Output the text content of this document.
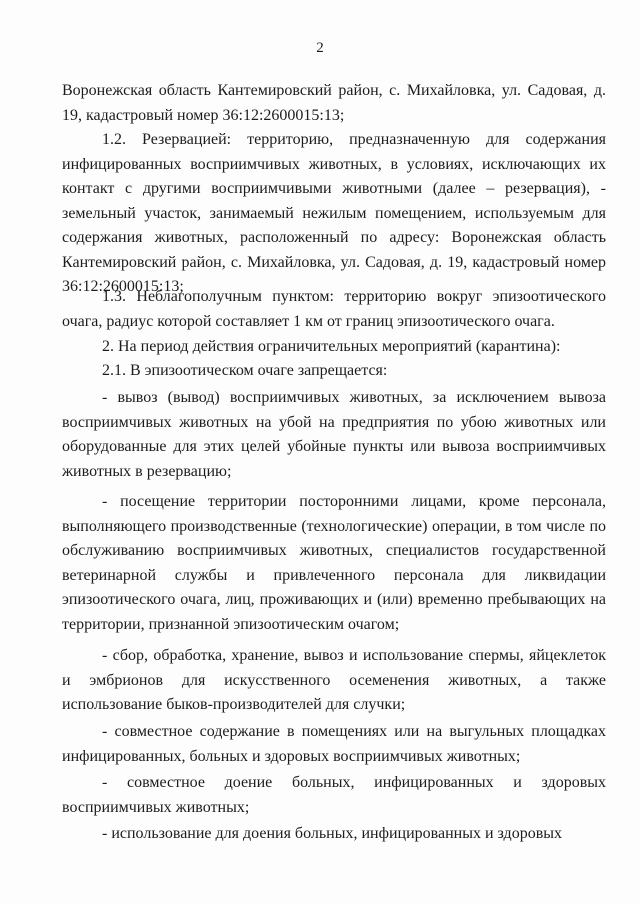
2

Воронежская область Кантемировский район, с. Михайловка, ул. Садовая, д. 19, кадастровый номер 36:12:2600015:13;

1.2. Резервацией: территорию, предназначенную для содержания инфицированных восприимчивых животных, в условиях, исключающих их контакт с другими восприимчивыми животными (далее – резервация), - земельный участок, занимаемый нежилым помещением, используемым для содержания животных, расположенный по адресу: Воронежская область Кантемировский район, с. Михайловка, ул. Садовая, д. 19, кадастровый номер 36:12:2600015:13;

1.3. Неблагополучным пунктом: территорию вокруг эпизоотического очага, радиус которой составляет 1 км от границ эпизоотического очага.

2. На период действия ограничительных мероприятий (карантина):

2.1. В эпизоотическом очаге запрещается:

- вывоз (вывод) восприимчивых животных, за исключением вывоза восприимчивых животных на убой на предприятия по убою животных или оборудованные для этих целей убойные пункты или вывоза восприимчивых животных в резервацию;

- посещение территории посторонними лицами, кроме персонала, выполняющего производственные (технологические) операции, в том числе по обслуживанию восприимчивых животных, специалистов государственной ветеринарной службы и привлеченного персонала для ликвидации эпизоотического очага, лиц, проживающих и (или) временно пребывающих на территории, признанной эпизоотическим очагом;

- сбор, обработка, хранение, вывоз и использование спермы, яйцеклеток и эмбрионов для искусственного осеменения животных, а также использование быков-производителей для случки;

- совместное содержание в помещениях или на выгульных площадках инфицированных, больных и здоровых восприимчивых животных;

- совместное доение больных, инфицированных и здоровых восприимчивых животных;

- использование для доения больных, инфицированных и здоровых
